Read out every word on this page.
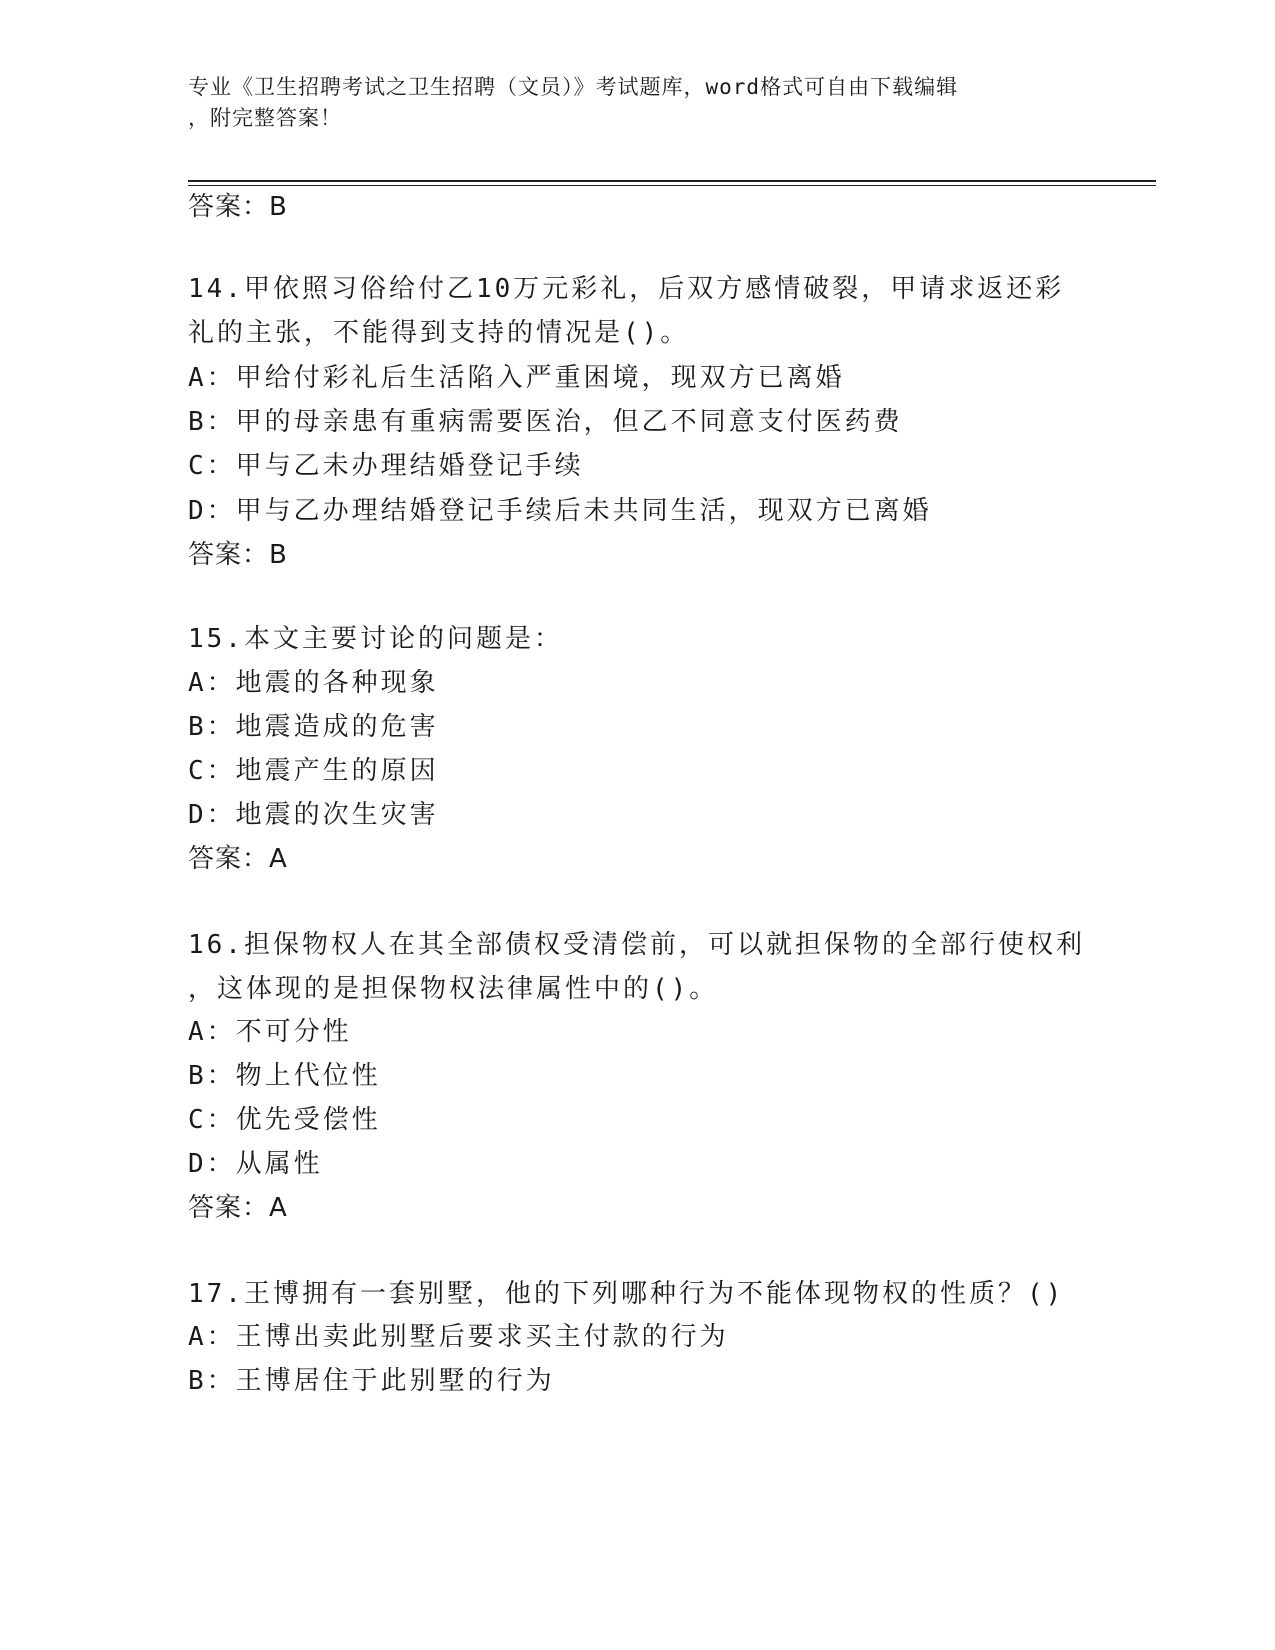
专业《卫生招聘考试之卫生招聘（文员）》考试题库，word格式可自由下载编辑
，附完整答案！
答案：B
14.甲依照习俗给付乙10万元彩礼，后双方感情破裂，甲请求返还彩
礼的主张，不能得到支持的情况是()。
A：甲给付彩礼后生活陷入严重困境，现双方已离婚
B：甲的母亲患有重病需要医治，但乙不同意支付医药费
C：甲与乙未办理结婚登记手续
D：甲与乙办理结婚登记手续后未共同生活，现双方已离婚
答案：B
15.本文主要讨论的问题是：
A：地震的各种现象
B：地震造成的危害
C：地震产生的原因
D：地震的次生灾害
答案：A
16.担保物权人在其全部债权受清偿前，可以就担保物的全部行使权利
，这体现的是担保物权法律属性中的()。
A：不可分性
B：物上代位性
C：优先受偿性
D：从属性
答案：A
17.王博拥有一套别墅，他的下列哪种行为不能体现物权的性质？()
A：王博出卖此别墅后要求买主付款的行为
B：王博居住于此别墅的行为
